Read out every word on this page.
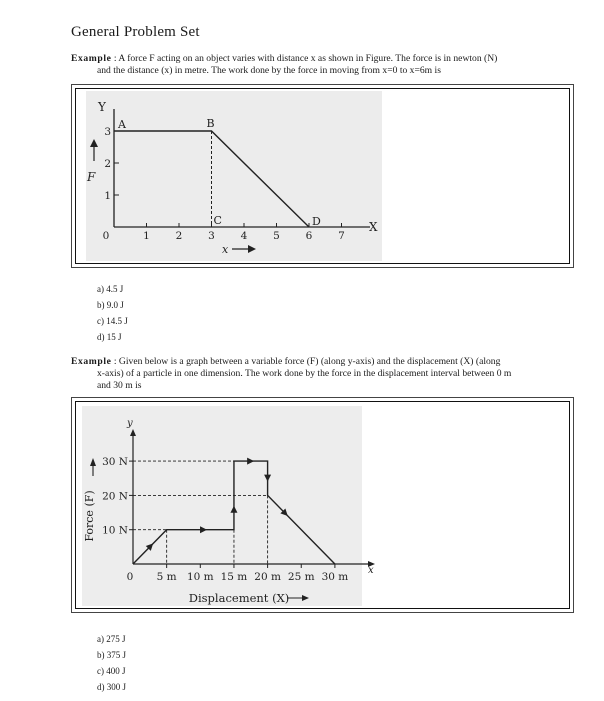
General Problem Set
Example : A force F acting on an object varies with distance x as shown in Figure. The force is in newton (N)
and the distance (x) in metre. The work done by the force in moving from x=0 to x=6m is
X
Y
1 2 3 4 5 6 7
1
2
3
0
A	B
C	D
F
x
a) 4.5 J
b) 9.0 J
c) 14.5 J
d) 15 J
Example : Given below is a graph between a variable force (F) (along y-axis) and the displacement (X) (along
x-axis) of a particle in one dimension. The work done by the force in the displacement interval between 0 m
and 30 m is
x
y
5 m 10 m 15 m 20 m 25 m 30 m
0
10 N
20 N
30 N
Force (F)
Displacement (X)
a) 275 J
b) 375 J
c) 400 J
d) 300 J
